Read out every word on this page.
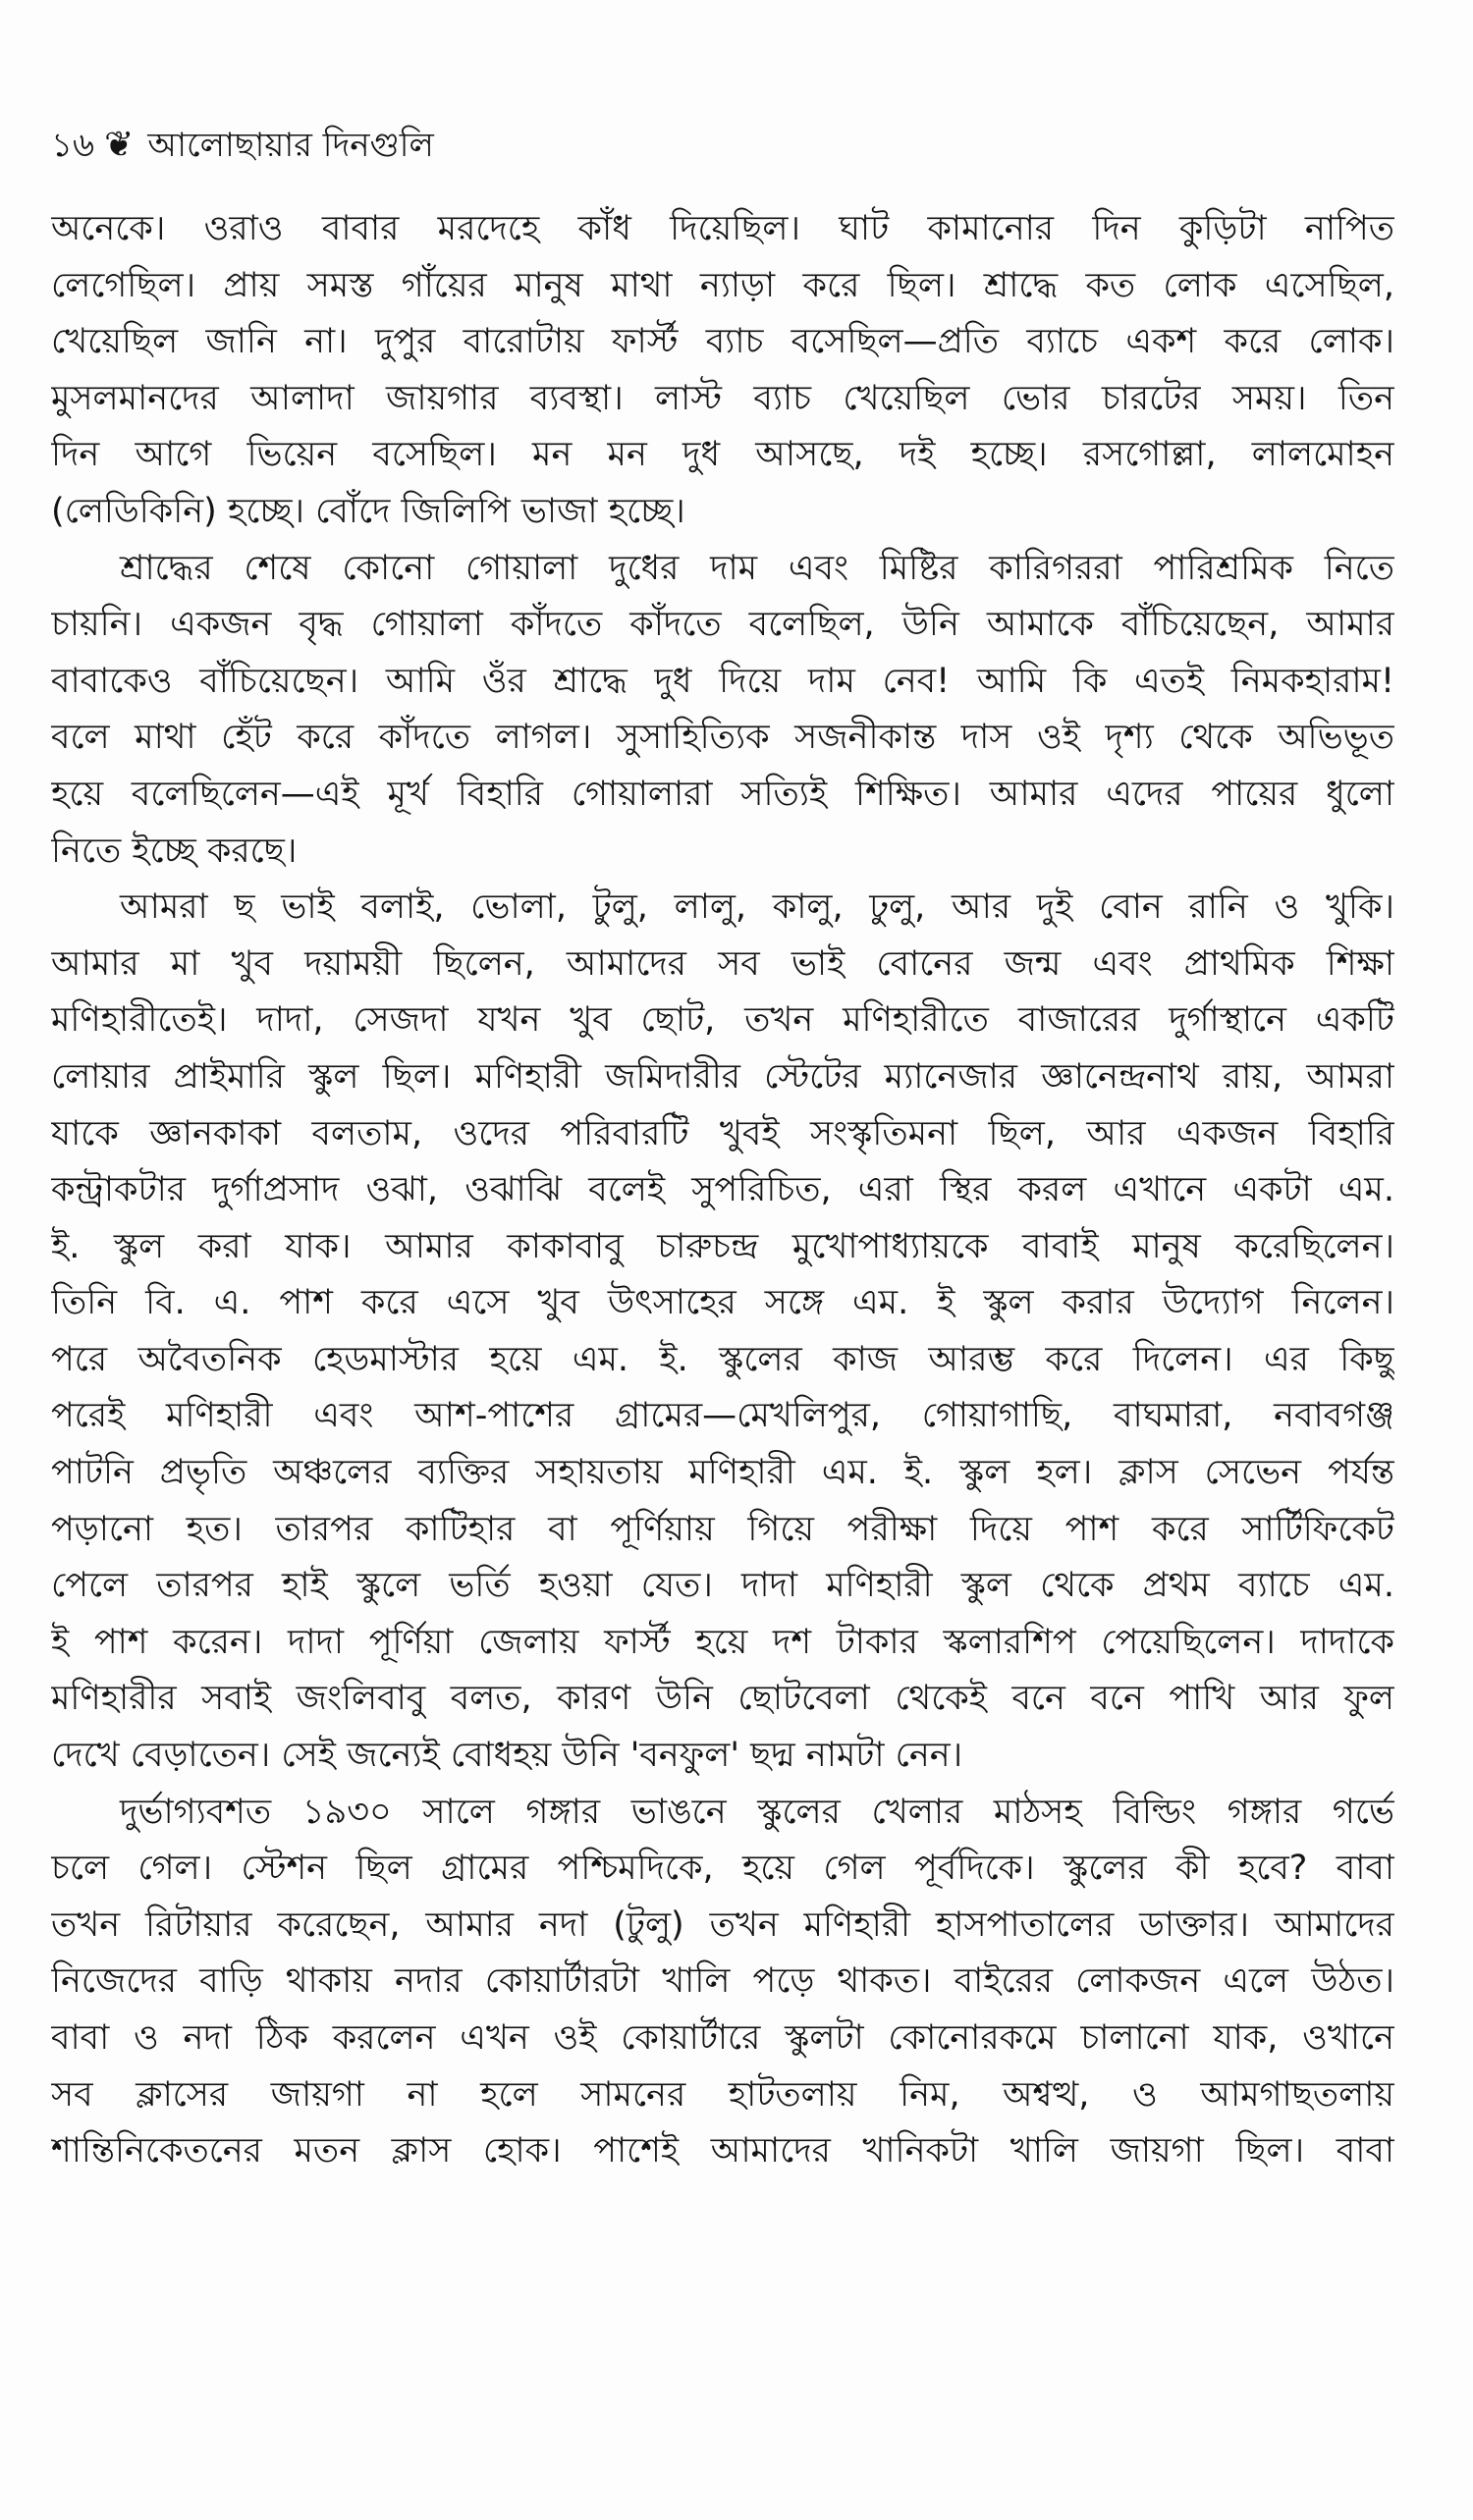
১৬ ❦ আলোছায়ার দিনগুলি
অনেকে। ওরাও বাবার মরদেহে কাঁধ দিয়েছিল। ঘাট কামানোর দিন কুড়িটা নাপিত
লেগেছিল। প্রায় সমস্ত গাঁয়ের মানুষ মাথা ন্যাড়া করে ছিল। শ্রাদ্ধে কত লোক এসেছিল,
খেয়েছিল জানি না। দুপুর বারোটায় ফার্স্ট ব্যাচ বসেছিল—প্রতি ব্যাচে একশ করে লোক।
মুসলমানদের আলাদা জায়গার ব্যবস্থা। লাস্ট ব্যাচ খেয়েছিল ভোর চারটের সময়। তিন
দিন আগে ভিয়েন বসেছিল। মন মন দুধ আসছে, দই হচ্ছে। রসগোল্লা, লালমোহন
(লেডিকিনি) হচ্ছে। বোঁদে জিলিপি ভাজা হচ্ছে।
শ্রাদ্ধের শেষে কোনো গোয়ালা দুধের দাম এবং মিষ্টির কারিগররা পারিশ্রমিক নিতে
চায়নি। একজন বৃদ্ধ গোয়ালা কাঁদতে কাঁদতে বলেছিল, উনি আমাকে বাঁচিয়েছেন, আমার
বাবাকেও বাঁচিয়েছেন। আমি ওঁর শ্রাদ্ধে দুধ দিয়ে দাম নেব! আমি কি এতই নিমকহারাম!
বলে মাথা হেঁট করে কাঁদতে লাগল। সুসাহিত্যিক সজনীকান্ত দাস ওই দৃশ্য থেকে অভিভূত
হয়ে বলেছিলেন—এই মূর্খ বিহারি গোয়ালারা সত্যিই শিক্ষিত। আমার এদের পায়ের ধুলো
নিতে ইচ্ছে করছে।
আমরা ছ ভাই বলাই, ভোলা, টুলু, লালু, কালু, ঢুলু, আর দুই বোন রানি ও খুকি।
আমার মা খুব দয়াময়ী ছিলেন, আমাদের সব ভাই বোনের জন্ম এবং প্রাথমিক শিক্ষা
মণিহারীতেই। দাদা, সেজদা যখন খুব ছোট, তখন মণিহারীতে বাজারের দুর্গাস্থানে একটি
লোয়ার প্রাইমারি স্কুল ছিল। মণিহারী জমিদারীর স্টেটের ম্যানেজার জ্ঞানেন্দ্রনাথ রায়, আমরা
যাকে জ্ঞানকাকা বলতাম, ওদের পরিবারটি খুবই সংস্কৃতিমনা ছিল, আর একজন বিহারি
কন্ট্রাকটার দুর্গাপ্রসাদ ওঝা, ওঝাঝি বলেই সুপরিচিত, এরা স্থির করল এখানে একটা এম.
ই. স্কুল করা যাক। আমার কাকাবাবু চারুচন্দ্র মুখোপাধ্যায়কে বাবাই মানুষ করেছিলেন।
তিনি বি. এ. পাশ করে এসে খুব উৎসাহের সঙ্গে এম. ই স্কুল করার উদ্যোগ নিলেন।
পরে অবৈতনিক হেডমাস্টার হয়ে এম. ই. স্কুলের কাজ আরম্ভ করে দিলেন। এর কিছু
পরেই মণিহারী এবং আশ-পাশের গ্রামের—মেখলিপুর, গোয়াগাছি, বাঘমারা, নবাবগঞ্জ
পাটনি প্রভৃতি অঞ্চলের ব্যক্তির সহায়তায় মণিহারী এম. ই. স্কুল হল। ক্লাস সেভেন পর্যন্ত
পড়ানো হত। তারপর কাটিহার বা পূর্ণিয়ায় গিয়ে পরীক্ষা দিয়ে পাশ করে সার্টিফিকেট
পেলে তারপর হাই স্কুলে ভর্তি হওয়া যেত। দাদা মণিহারী স্কুল থেকে প্রথম ব্যাচে এম.
ই পাশ করেন। দাদা পূর্ণিয়া জেলায় ফার্স্ট হয়ে দশ টাকার স্কলারশিপ পেয়েছিলেন। দাদাকে
মণিহারীর সবাই জংলিবাবু বলত, কারণ উনি ছোটবেলা থেকেই বনে বনে পাখি আর ফুল
দেখে বেড়াতেন। সেই জন্যেই বোধহয় উনি 'বনফুল' ছদ্ম নামটা নেন।
দুর্ভাগ্যবশত ১৯৩০ সালে গঙ্গার ভাঙনে স্কুলের খেলার মাঠসহ বিল্ডিং গঙ্গার গর্ভে
চলে গেল। স্টেশন ছিল গ্রামের পশ্চিমদিকে, হয়ে গেল পূর্বদিকে। স্কুলের কী হবে? বাবা
তখন রিটায়ার করেছেন, আমার নদা (টুলু) তখন মণিহারী হাসপাতালের ডাক্তার। আমাদের
নিজেদের বাড়ি থাকায় নদার কোয়ার্টারটা খালি পড়ে থাকত। বাইরের লোকজন এলে উঠত।
বাবা ও নদা ঠিক করলেন এখন ওই কোয়ার্টারে স্কুলটা কোনোরকমে চালানো যাক, ওখানে
সব ক্লাসের জায়গা না হলে সামনের হাটতলায় নিম, অশ্বত্থ, ও আমগাছতলায়
শান্তিনিকেতনের মতন ক্লাস হোক। পাশেই আমাদের খানিকটা খালি জায়গা ছিল। বাবা
